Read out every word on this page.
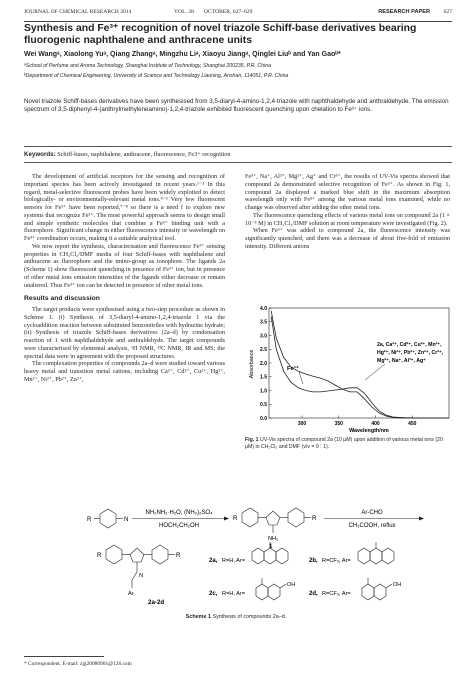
JOURNAL OF CHEMICAL RESEARCH 2014	VOL. 38 OCTOBER, 627–629	RESEARCH PAPER 627
Synthesis and Fe³⁺ recognition of novel triazole Schiff-base derivatives bearing fluorogenic naphthalene and anthracene units
Wei Wangᵃ, Xiaolong Yuᵃ, Qiang Zhangᵃ, Mingzhu Liᵃ, Xiaoyu Jiangᵃ, Qinglei Liuᵇ and Yan Gaoᵇ*
ᵃSchool of Perfume and Aroma Technology, Shanghai Institute of Technology, Shanghai 200235, P.R. China
ᵇDepartment of Chemical Engineering, University of Science and Technology Liaoning, Anshan, 114051, P.R. China
Novel triazole Schiff-bases derivatives have been synthesised from 3,5-diaryl-4-amino-1,2,4-triazole with naphthaldehyde and anthraldehyde. The emission spectrum of 3,5-diphenyl-4-(anthrylmethyleneamino)-1,2,4-triazole exhibited fluorescent quenching upon chelation to Fe³⁺ ions.
Keywords: Schiff-bases, naphthalene, anthracene, fluorescence, Fe3+ recognition

The development of artificial receptors for the sensing and recognition of important species has been actively investigated in recent years.¹⁻³ In this regard, metal-selective fluorescent probes have been widely exploited to detect biologically- or environmentally-relevant metal ions.⁴⁻⁶ Very few fluorescent sensors for Fe³⁺ have been reported,⁷⁻⁸ so there is a need f to explore new systems that recognize Fe³⁺. The most powerful approach seems to design small and simple synthetic molecules that combine a Fe³⁺ binding unit with a fluorophore. Significant change in either fluorescence intensity or wavelength on Fe³⁺ coordination occurs, making it a suitable analytical tool.

We now report the synthesis, characterisation and fluorescence Fe³⁺ sensing properties in CH₂Cl₂/DMF media of four Schiff-bases with naphthalene and anthracene as fluorophore and the imino-group as ionophore. The ligands 2a (Scheme 1) show fluorescent quenching in presence of Fe³⁺ ion, but in presence of other metal ions emission intensities of the ligands either decrease or remain unaltered. Thus Fe³⁺ ion can be detected in presence of other metal ions.

Results and discussion

The target products were synthesised using a two-step procedure as shown in Scheme 1. (i) Synthesis of 3,5-diaryl-4-amino-1,2,4-triazole 1 via the cycloaddition reaction between substituted benzonitriles with hydrazine hydrate; (ii) Synthesis of triazole Schiff-bases derivatives (2a–d) by condensation reaction of 1 with naphthaldehyde and anthraldehyde. The target compounds were characterised by elemental analysis, ¹H NMR, ¹³C NMR, IR and MS; the spectral data were in agreement with the proposed structures.

The complexation properties of compounds 2a–d were studied toward various heavy metal and transition metal cations, including Ca²⁺, Cd²⁺, Cu²⁺, Hg²⁺, Mn²⁺, Ni²⁺, Pb²⁺, Zn²⁺,

Fe³⁺, Na⁺, Al³⁺, Mg²⁺, Ag⁺ and Cr³⁺, the results of UV-Vis spectra showed that compound 2a demonstrated selective recognition of Fe³⁺. As shown in Fig. 1, compound 2a displayed a marked blue shift in the maximum absorption wavelength only with Fe³⁺ among the various metal ions examined, while no change was observed after adding the other metal ions.

The fluorescence quenching effects of various metal ions on compound 2a (1 × 10⁻⁵ M) in CH₂Cl₂/DMF solution at room temperature were investigated (Fig. 2).

When Fe³⁺ was added to compound 2a, the fluorescence intensity was significantly quenched, and there was a decrease of about five-fold of emission intensity. Different anions

0.0
0.5
1.0
1.5
2.0
2.5
3.0
3.5
4.0
300	350	400	450
Absorbance
Wavelength/nm
Fe³⁺
2a, Ca²⁺, Cd²⁺, Cu²⁺, Mn²⁺,
Hg²⁺, Ni²⁺, Pb²⁺, Zn²⁺, Cr³⁺,
Mg²⁺, Na⁺, Al³⁺, Ag⁺
Fig. 1 UV-Vis spectra of compound 2a (10 μM) upon addition of various metal ions (20 μM) in CH₂Cl₂ and DMF (v/v = 9 : 1).
R	N
NH₂NH₂·H₂O, (NH₂)₂SO₄
HOCH₂CH₂OH
R	R
NH₂
1
Ar-CHO
CH₃COOH, reflux
R	R
N
Ar
2a-2d
2a, R=H, Ar=	2b, R=CF₃, Ar=
2c, R=H, Ar=	2d, R=CF₃, Ar=
OH	OH
Scheme 1 Synthesis of compounds 2a–d.
* Correspondent. E-mail: zjg20080901@126.com
